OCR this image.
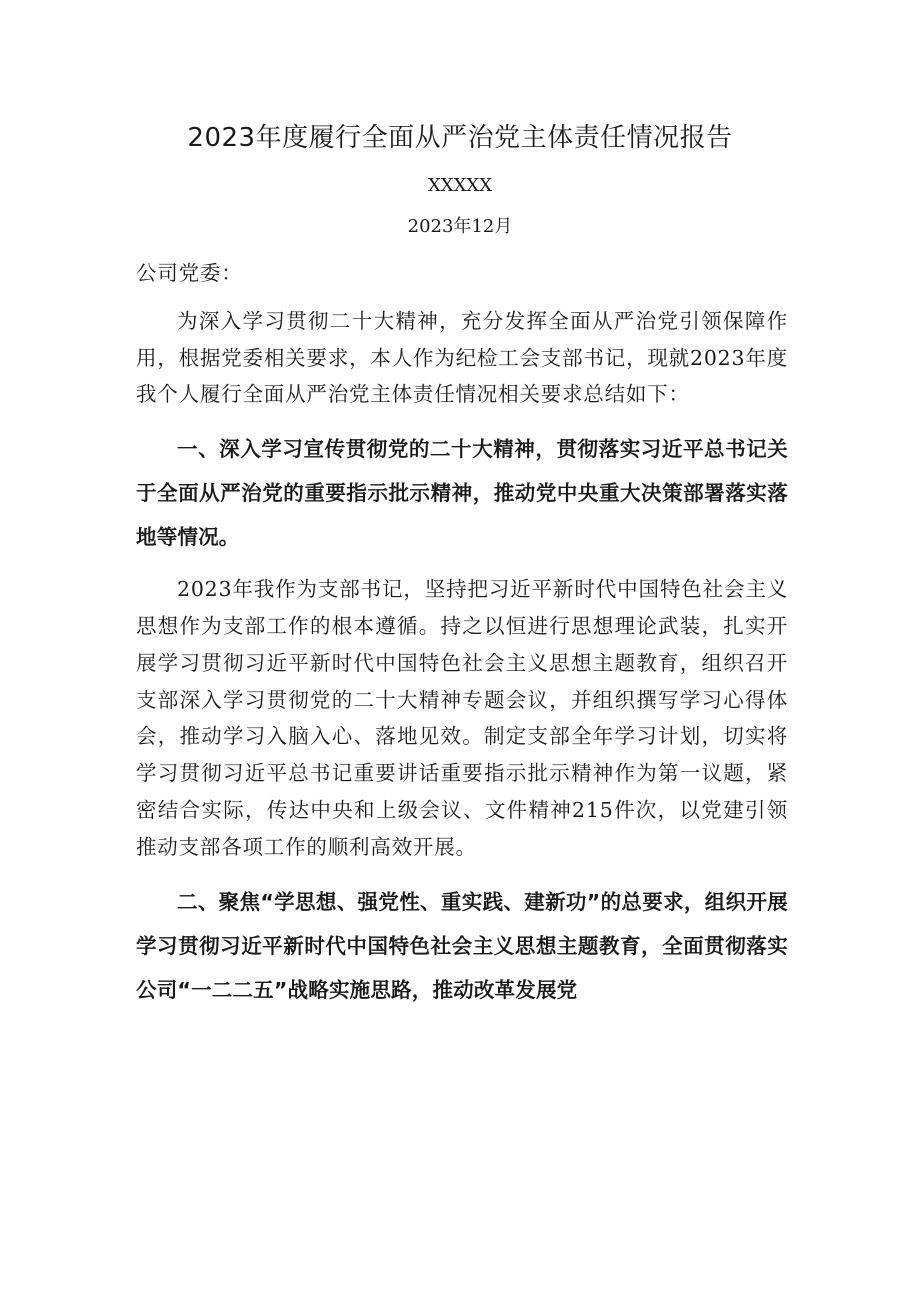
2023年度履行全面从严治党主体责任情况报告
XXXXX
2023年12月

公司党委：

为深入学习贯彻二十大精神，充分发挥全面从严治党引领保障作用，根据党委相关要求，本人作为纪检工会支部书记，现就2023年度我个人履行全面从严治党主体责任情况相关要求总结如下：

一、深入学习宣传贯彻党的二十大精神，贯彻落实习近平总书记关于全面从严治党的重要指示批示精神，推动党中央重大决策部署落实落地等情况。

2023年我作为支部书记，坚持把习近平新时代中国特色社会主义思想作为支部工作的根本遵循。持之以恒进行思想理论武装，扎实开展学习贯彻习近平新时代中国特色社会主义思想主题教育，组织召开支部深入学习贯彻党的二十大精神专题会议，并组织撰写学习心得体会，推动学习入脑入心、落地见效。制定支部全年学习计划，切实将学习贯彻习近平总书记重要讲话重要指示批示精神作为第一议题，紧密结合实际，传达中央和上级会议、文件精神215件次，以党建引领推动支部各项工作的顺利高效开展。

二、聚焦“学思想、强党性、重实践、建新功”的总要求，组织开展学习贯彻习近平新时代中国特色社会主义思想主题教育，全面贯彻落实公司“一二二五”战略实施思路，推动改革发展党
